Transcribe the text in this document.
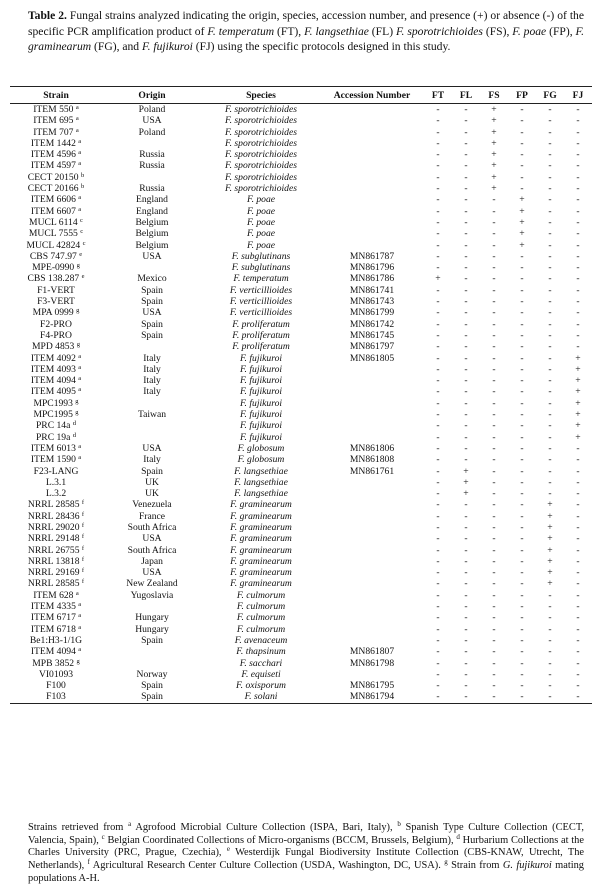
Table 2. Fungal strains analyzed indicating the origin, species, accession number, and presence (+) or absence (-) of the specific PCR amplification product of F. temperatum (FT), F. langsethiae (FL) F. sporotrichioides (FS), F. poae (FP), F. graminearum (FG), and F. fujikuroi (FJ) using the specific protocols designed in this study.
Strain	Origin	Species	Accession Number	FT	FL	FS	FP	FG	FJ
ITEM 550 $^a$	Poland	F. sporotrichioides		-	-	+	-	-	-
ITEM 695 $^a$	USA	F. sporotrichioides		-	-	+	-	-	-
ITEM 707 $^a$	Poland	F. sporotrichioides		-	-	+	-	-	-
ITEM 1442 $^a$		F. sporotrichioides		-	-	+	-	-	-
ITEM 4596 $^a$	Russia	F. sporotrichioides		-	-	+	-	-	-
ITEM 4597 $^a$	Russia	F. sporotrichioides		-	-	+	-	-	-
CECT 20150 $^b$		F. sporotrichioides		-	-	+	-	-	-
CECT 20166 $^b$	Russia	F. sporotrichioides		-	-	+	-	-	-
ITEM 6606 $^a$	England	F. poae		-	-	-	+	-	-
ITEM 6607 $^a$	England	F. poae		-	-	-	+	-	-
MUCL 6114 $^c$	Belgium	F. poae		-	-	-	+	-	-
MUCL 7555 $^c$	Belgium	F. poae		-	-	-	+	-	-
MUCL 42824 $^c$	Belgium	F. poae		-	-	-	+	-	-
CBS 747.97 $^e$	USA	F. subglutinans	MN861787	-	-	-	-	-	-
MPE-0990 $^g$		F. subglutinans	MN861796	-	-	-	-	-	-
CBS 138.287 $^e$	Mexico	F. temperatum	MN861786	+	-	-	-	-	-
F1-VERT	Spain	F. verticillioides	MN861741	-	-	-	-	-	-
F3-VERT	Spain	F. verticillioides	MN861743	-	-	-	-	-	-
MPA 0999 $^g$	USA	F. verticillioides	MN861799	-	-	-	-	-	-
F2-PRO	Spain	F. proliferatum	MN861742	-	-	-	-	-	-
F4-PRO	Spain	F. proliferatum	MN861745	-	-	-	-	-	-
MPD 4853 $^g$		F. proliferatum	MN861797	-	-	-	-	-	-
ITEM 4092 $^a$	Italy	F. fujikuroi	MN861805	-	-	-	-	-	+
ITEM 4093 $^a$	Italy	F. fujikuroi		-	-	-	-	-	+
ITEM 4094 $^a$	Italy	F. fujikuroi		-	-	-	-	-	+
ITEM 4095 $^a$	Italy	F. fujikuroi		-	-	-	-	-	+
MPC1993 $^g$		F. fujikuroi		-	-	-	-	-	+
MPC1995 $^g$	Taiwan	F. fujikuroi		-	-	-	-	-	+
PRC 14a $^d$		F. fujikuroi		-	-	-	-	-	+
PRC 19a $^d$		F. fujikuroi		-	-	-	-	-	+
ITEM 6013 $^a$	USA	F. globosum	MN861806	-	-	-	-	-	-
ITEM 1590 $^a$	Italy	F. globosum	MN861808	-	-	-	-	-	-
F23-LANG	Spain	F. langsethiae	MN861761	-	+	-	-	-	-
L.3.1	UK	F. langsethiae		-	+	-	-	-	-
L.3.2	UK	F. langsethiae		-	+	-	-	-	-
NRRL 28585 $^f$	Venezuela	F. graminearum		-	-	-	-	+	-
NRRL 28436 $^f$	France	F. graminearum		-	-	-	-	+	-
NRRL 29020 $^f$	South Africa	F. graminearum		-	-	-	-	+	-
NRRL 29148 $^f$	USA	F. graminearum		-	-	-	-	+	-
NRRL 26755 $^f$	South Africa	F. graminearum		-	-	-	-	+	-
NRRL 13818 $^f$	Japan	F. graminearum		-	-	-	-	+	-
NRRL 29169 $^f$	USA	F. graminearum		-	-	-	-	+	-
NRRL 28585 $^f$	New Zealand	F. graminearum		-	-	-	-	+	-
ITEM 628 $^a$	Yugoslavia	F. culmorum		-	-	-	-	-	-
ITEM 4335 $^a$		F. culmorum		-	-	-	-	-	-
ITEM 6717 $^a$	Hungary	F. culmorum		-	-	-	-	-	-
ITEM 6718 $^a$	Hungary	F. culmorum		-	-	-	-	-	-
Be1:H3-1/1G	Spain	F. avenaceum		-	-	-	-	-	-
ITEM 4094 $^a$		F. thapsinum	MN861807	-	-	-	-	-	-
MPB 3852 $^g$		F. sacchari	MN861798	-	-	-	-	-	-
VI01093	Norway	F. equiseti		-	-	-	-	-	-
F100	Spain	F. oxisporum	MN861795	-	-	-	-	-	-
F103	Spain	F. solani	MN861794	-	-	-	-	-	-
Strains retrieved from $^a$ Agrofood Microbial Culture Collection (ISPA, Bari, Italy), $^b$ Spanish Type Culture Collection (CECT, Valencia, Spain), $^c$ Belgian Coordinated Collections of Micro-organisms (BCCM, Brussels, Belgium), $^d$ Hurbarium Collections at the Charles University (PRC, Prague, Czechia), $^e$ Westerdijk Fungal Biodiversity Institute Collection (CBS-KNAW, Utrecht, The Netherlands), $^f$ Agricultural Research Center Culture Collection (USDA, Washington, DC, USA). $^g$ Strain from G. fujikuroi mating populations A-H.
